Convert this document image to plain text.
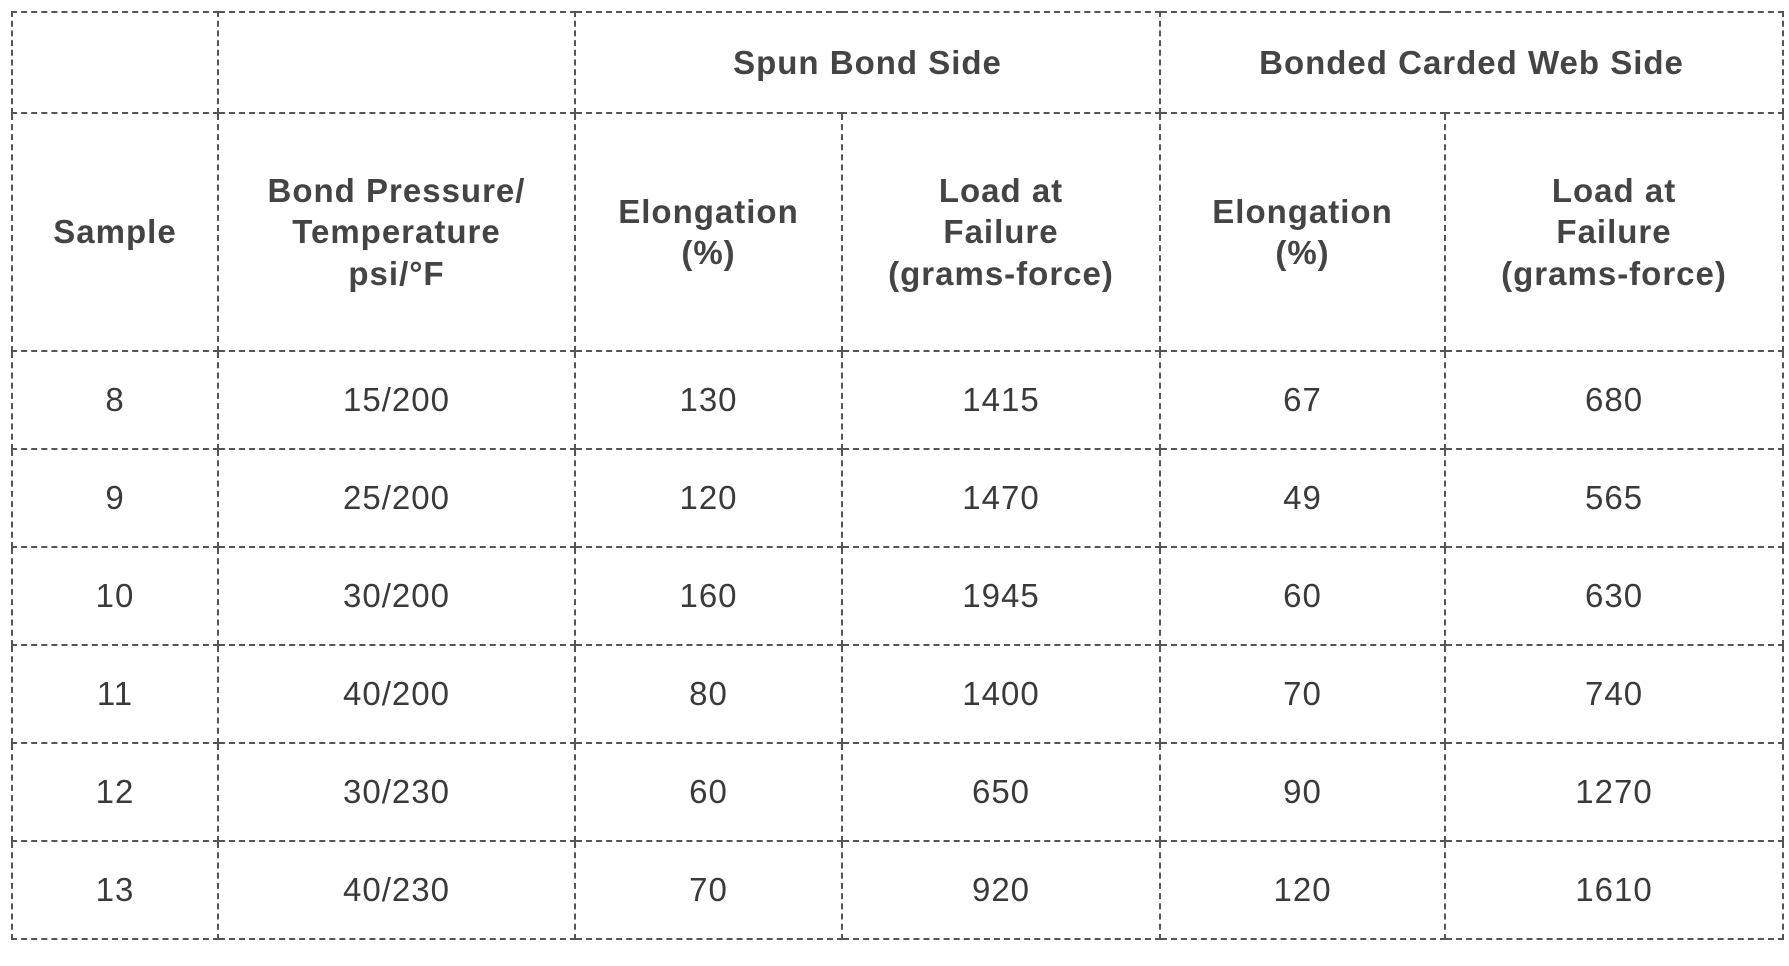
		Spun Bond Side	Bonded Carded Web Side
Sample	Bond Pressure/
Temperature
psi/°F	Elongation
(%)	Load at
Failure
(grams-force)	Elongation
(%)	Load at
Failure
(grams-force)
8	15/200	130	1415	67	680
9	25/200	120	1470	49	565
10	30/200	160	1945	60	630
11	40/200	80	1400	70	740
12	30/230	60	650	90	1270
13	40/230	70	920	120	1610
